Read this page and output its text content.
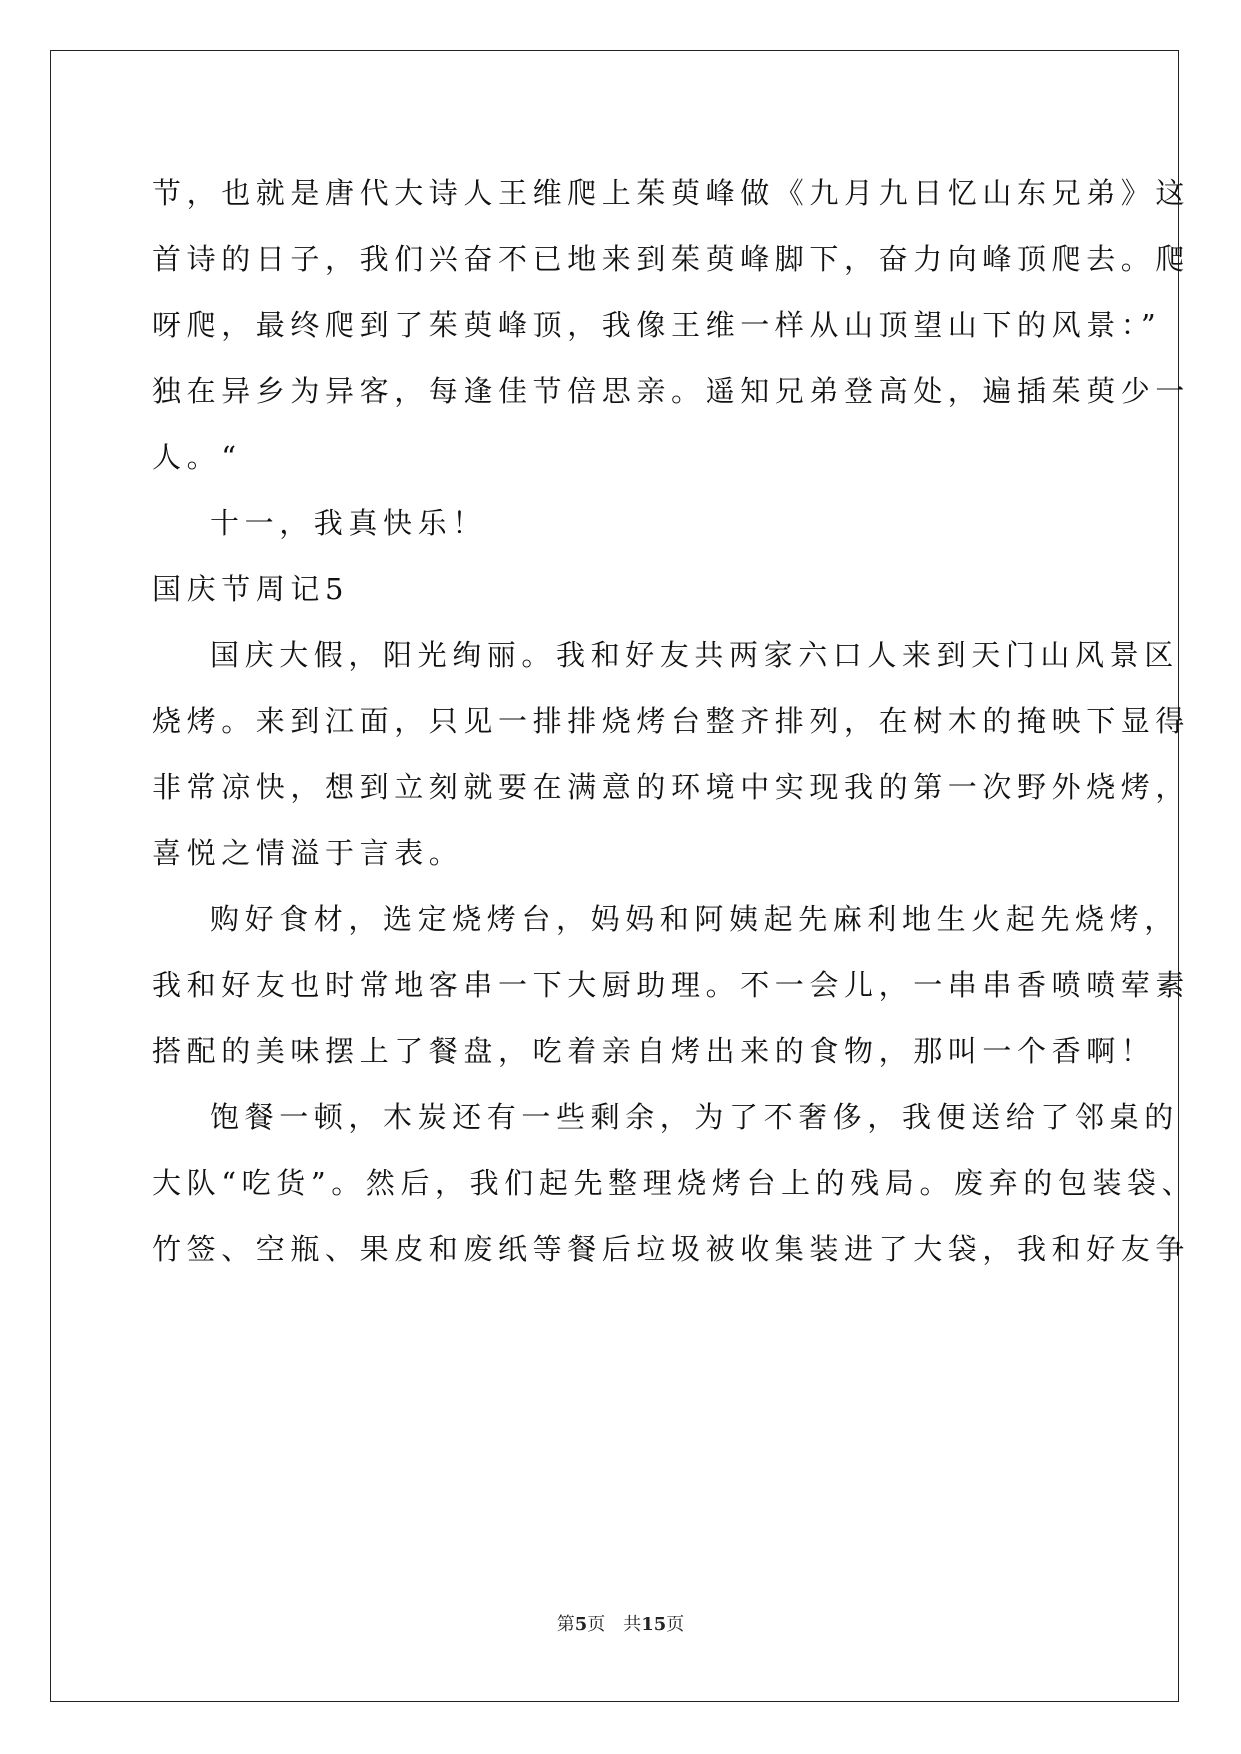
节，也就是唐代大诗人王维爬上茱萸峰做《九月九日忆山东兄弟》这
首诗的日子，我们兴奋不已地来到茱萸峰脚下，奋力向峰顶爬去。爬
呀爬，最终爬到了茱萸峰顶，我像王维一样从山顶望山下的风景：”
独在异乡为异客，每逢佳节倍思亲。遥知兄弟登高处，遍插茱萸少一
人。“
十一，我真快乐！
国庆节周记5
国庆大假，阳光绚丽。我和好友共两家六口人来到天门山风景区
烧烤。来到江面，只见一排排烧烤台整齐排列，在树木的掩映下显得
非常凉快，想到立刻就要在满意的环境中实现我的第一次野外烧烤，
喜悦之情溢于言表。
购好食材，选定烧烤台，妈妈和阿姨起先麻利地生火起先烧烤，
我和好友也时常地客串一下大厨助理。不一会儿，一串串香喷喷荤素
搭配的美味摆上了餐盘，吃着亲自烤出来的食物，那叫一个香啊！
饱餐一顿，木炭还有一些剩余，为了不奢侈，我便送给了邻桌的
大队“吃货”。然后，我们起先整理烧烤台上的残局。废弃的包装袋、
竹签、空瓶、果皮和废纸等餐后垃圾被收集装进了大袋，我和好友争
第5页 共15页
